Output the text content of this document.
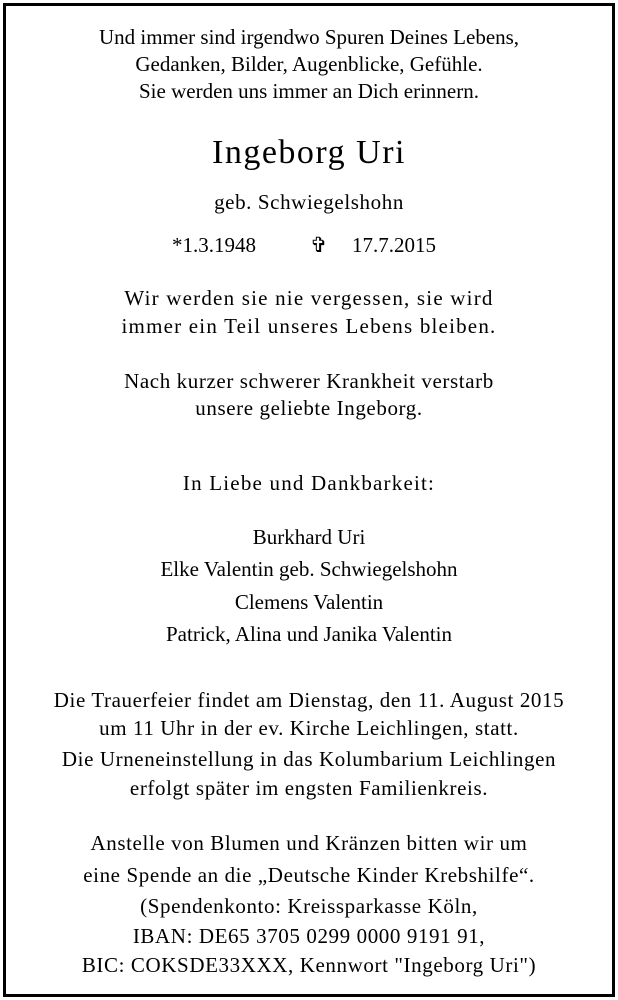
Und immer sind irgendwo Spuren Deines Lebens,
Gedanken, Bilder, Augenblicke, Gefühle.
Sie werden uns immer an Dich erinnern.
Ingeborg Uri
geb. Schwiegelshohn
*1.3.1948	✞ 17.7.2015
Wir werden sie nie vergessen, sie wird
immer ein Teil unseres Lebens bleiben.
Nach kurzer schwerer Krankheit verstarb
unsere geliebte Ingeborg.
In Liebe und Dankbarkeit:
Burkhard Uri
Elke Valentin geb. Schwiegelshohn
Clemens Valentin
Patrick, Alina und Janika Valentin
Die Trauerfeier findet am Dienstag, den 11. August 2015
um 11 Uhr in der ev. Kirche Leichlingen, statt.
Die Urneneinstellung in das Kolumbarium Leichlingen
erfolgt später im engsten Familienkreis.
Anstelle von Blumen und Kränzen bitten wir um
eine Spende an die „Deutsche Kinder Krebshilfe“.
(Spendenkonto: Kreissparkasse Köln,
IBAN: DE65 3705 0299 0000 9191 91,
BIC: COKSDE33XXX, Kennwort "Ingeborg Uri")
